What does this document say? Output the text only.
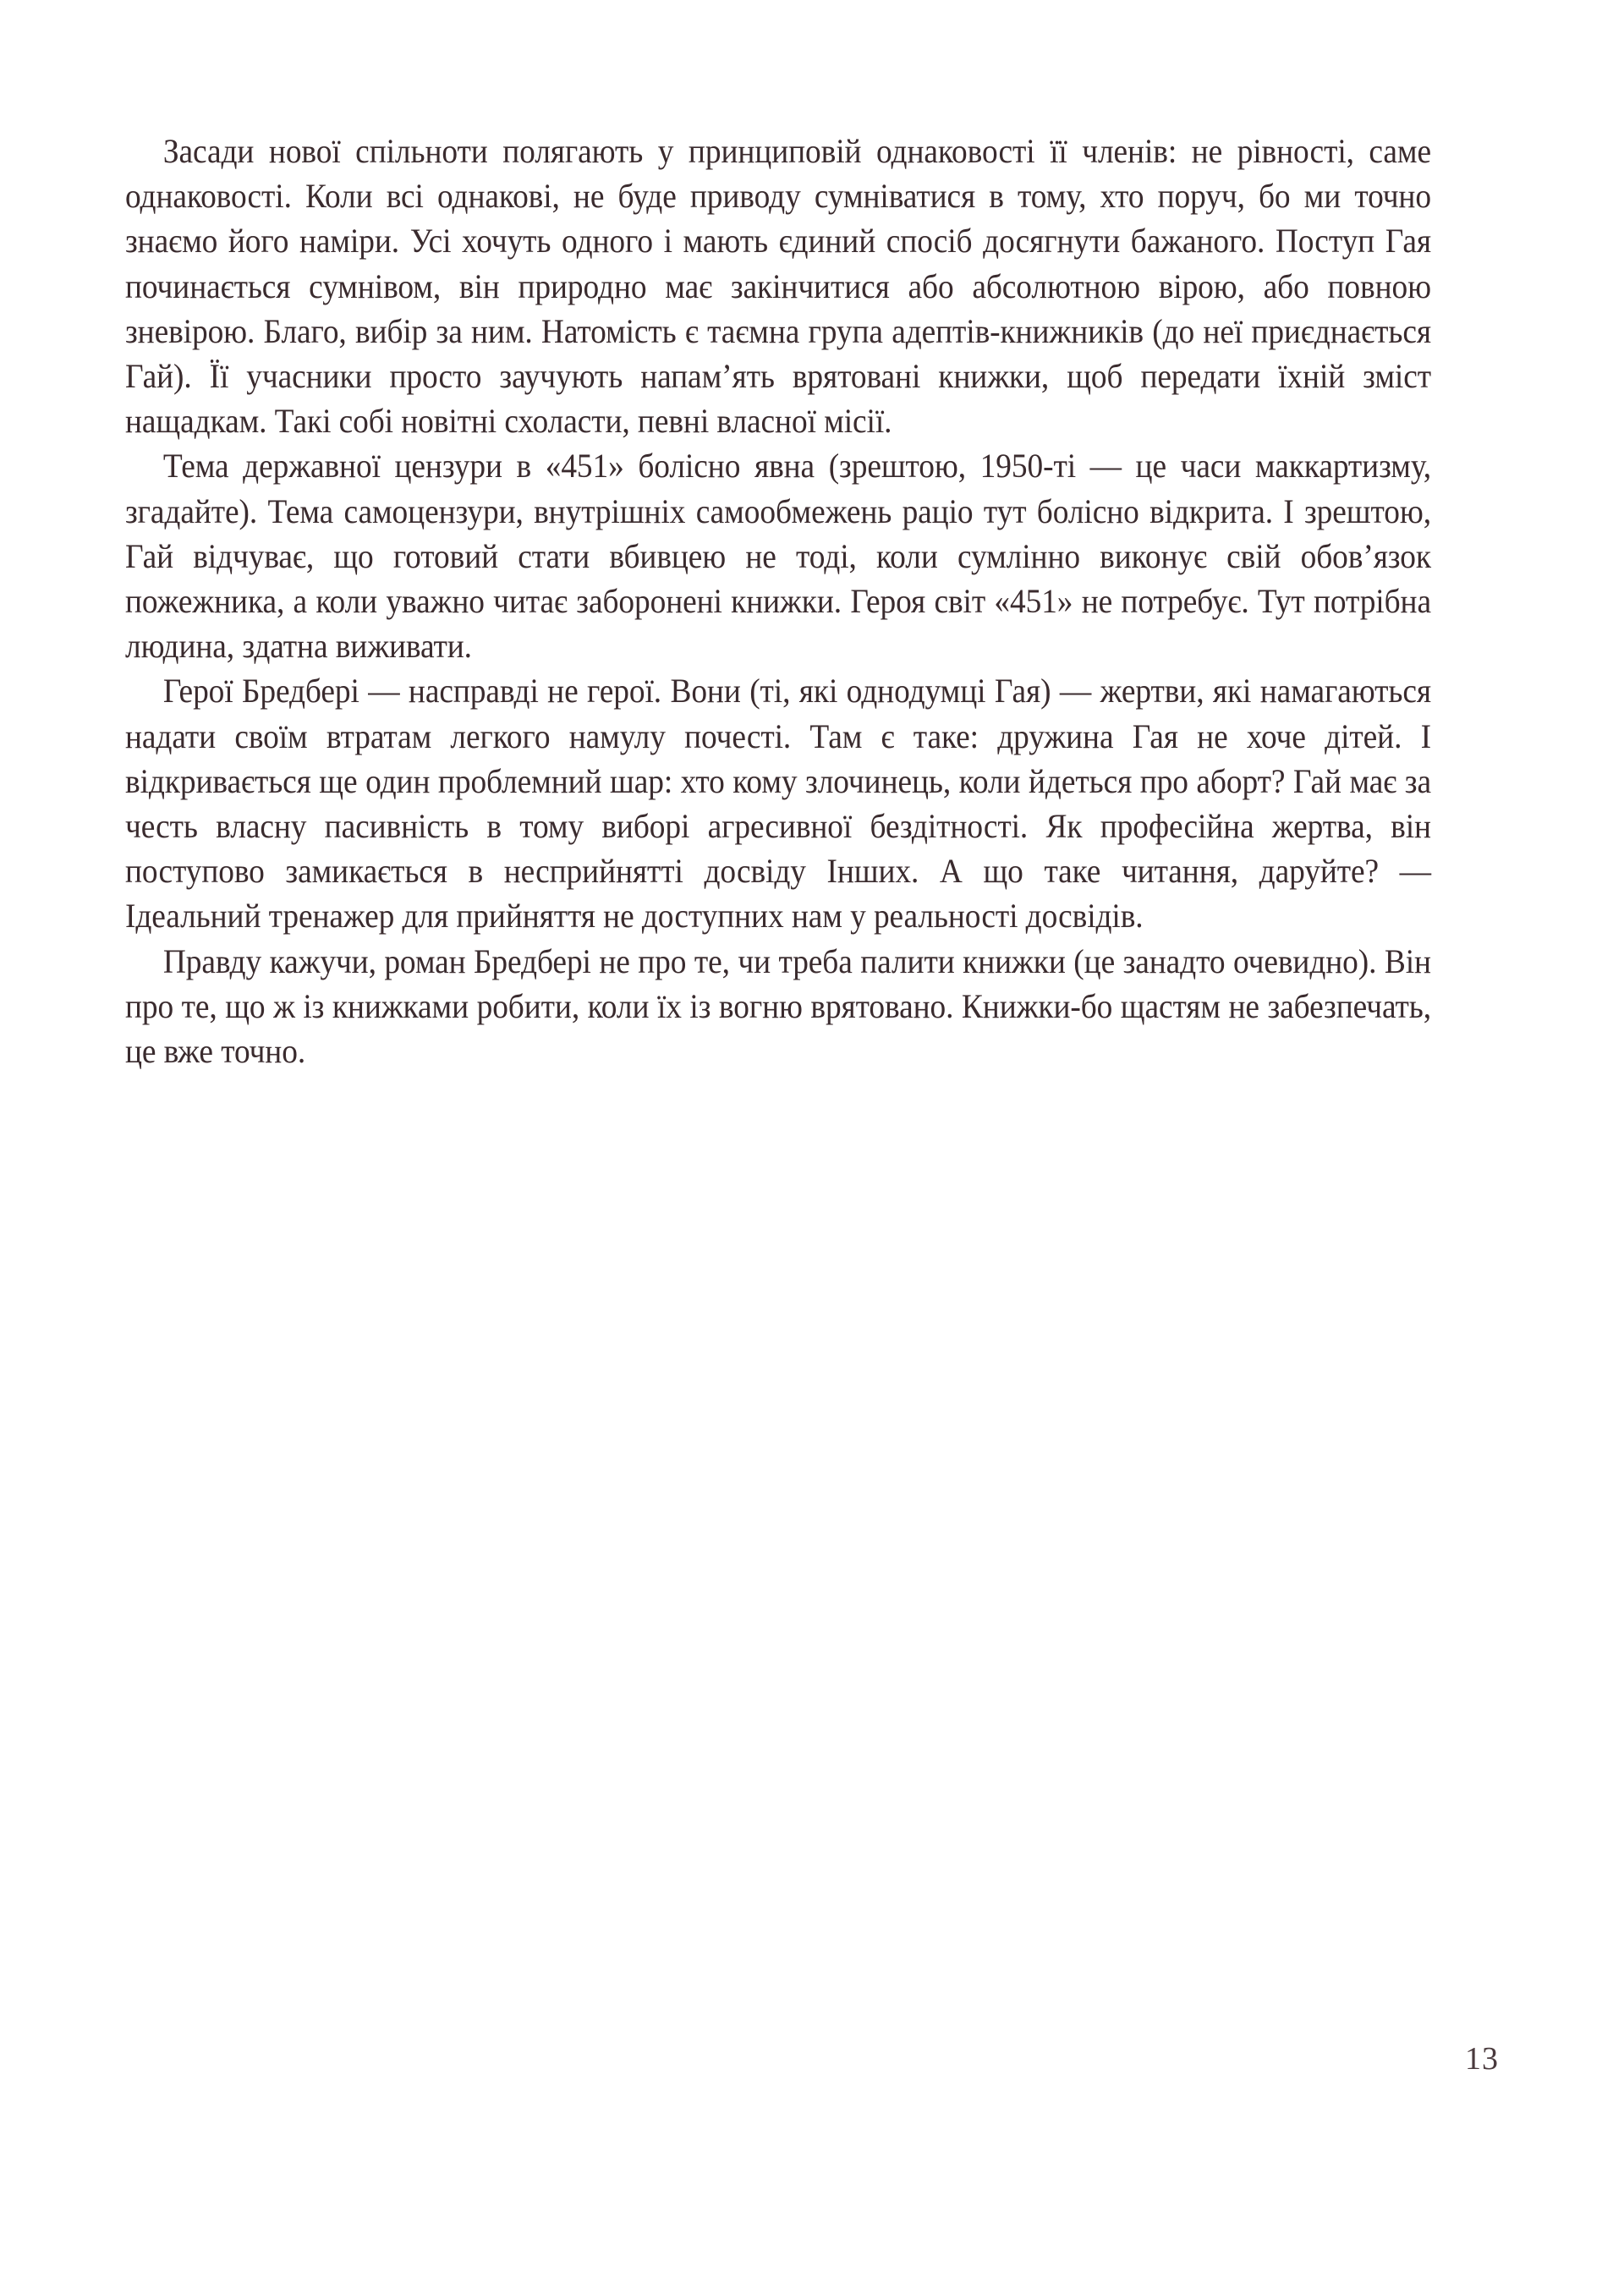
Засади нової спільноти полягають у принциповій однаковості її членів: не рівності, саме однаковості. Коли всі однакові, не буде приводу сумніватися в тому, хто поруч, бо ми точно знаємо його наміри. Усі хочуть одного і мають єдиний спосіб досягнути бажаного. Поступ Гая починається сумнівом, він природно має закінчитися або абсолютною вірою, або повною зневірою. Благо, вибір за ним. Натомість є таємна група адептів-книжників (до неї приєднається Гай). Її учасники просто заучують напам’ять врятовані книжки, щоб передати їхній зміст нащадкам. Такі собі новітні схоласти, певні власної місії.

Тема державної цензури в «451» болісно явна (зрештою, 1950-ті — це часи маккартизму, згадайте). Тема самоцензури, внутрішніх самообмежень раціо тут болісно відкрита. І зрештою, Гай відчуває, що готовий стати вбивцею не тоді, коли сумлінно виконує свій обов’язок пожежника, а коли уважно читає заборонені книжки. Героя світ «451» не потребує. Тут потрібна людина, здатна виживати.

Герої Бредбері — насправді не герої. Вони (ті, які однодумці Гая) — жертви, які намагаються надати своїм втратам легкого намулу почесті. Там є таке: дружина Гая не хоче дітей. І відкривається ще один проблемний шар: хто кому злочинець, коли йдеться про аборт? Гай має за честь власну пасивність в тому виборі агресивної бездітності. Як професійна жертва, він поступово замикається в несприйнятті досвіду Інших. А що таке читання, даруйте? — Ідеальний тренажер для прийняття не доступних нам у реальності досвідів.

Правду кажучи, роман Бредбері не про те, чи треба палити книжки (це занадто очевидно). Він про те, що ж із книжками робити, коли їх із вогню врятовано. Книжки-бо щастям не забезпечать, це вже точно.

13
